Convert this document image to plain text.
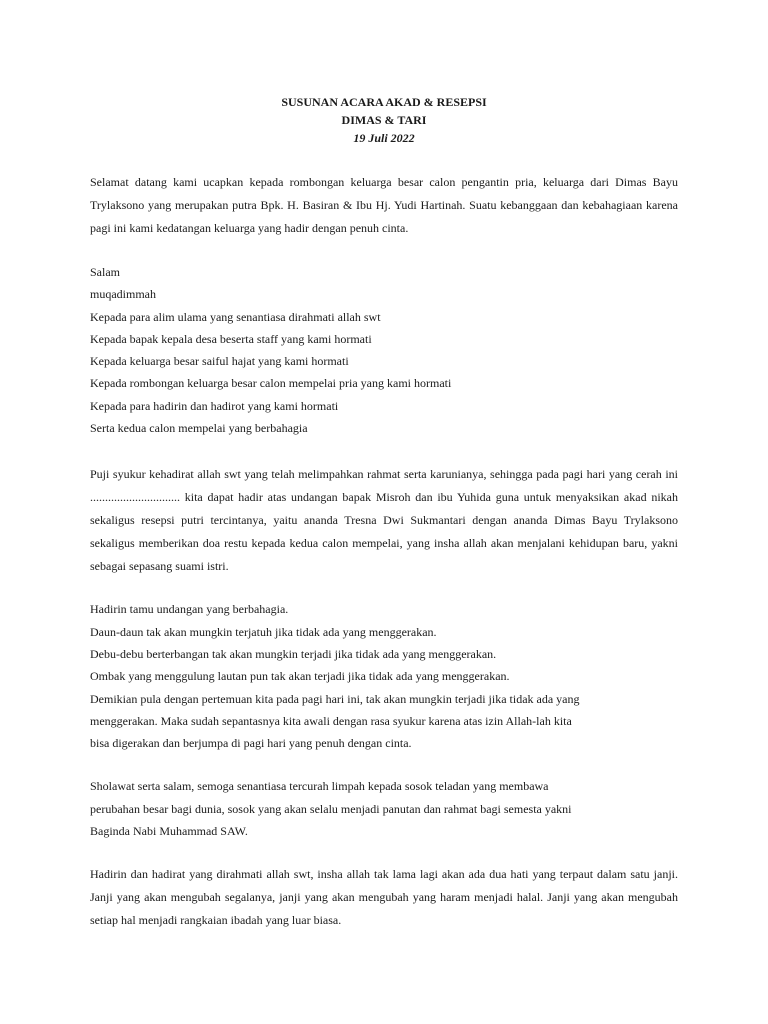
SUSUNAN ACARA AKAD & RESEPSI
DIMAS & TARI
19 Juli 2022

Selamat datang kami ucapkan kepada rombongan keluarga besar calon pengantin pria, keluarga dari Dimas Bayu Trylaksono yang merupakan putra Bpk. H. Basiran & Ibu Hj. Yudi Hartinah. Suatu kebanggaan dan kebahagiaan karena pagi ini kami kedatangan keluarga yang hadir dengan penuh cinta.

Salam
muqadimmah
Kepada para alim ulama yang senantiasa dirahmati allah swt
Kepada bapak kepala desa beserta staff yang kami hormati
Kepada keluarga besar saiful hajat yang kami hormati
Kepada rombongan keluarga besar calon mempelai pria yang kami hormati
Kepada para hadirin dan hadirot yang kami hormati
Serta kedua calon mempelai yang berbahagia

Puji syukur kehadirat allah swt yang telah melimpahkan rahmat serta karunianya, sehingga pada pagi hari yang cerah ini .............................. kita dapat hadir atas undangan bapak Misroh dan ibu Yuhida guna untuk menyaksikan akad nikah sekaligus resepsi putri tercintanya, yaitu ananda Tresna Dwi Sukmantari dengan ananda Dimas Bayu Trylaksono sekaligus memberikan doa restu kepada kedua calon mempelai, yang insha allah akan menjalani kehidupan baru, yakni sebagai sepasang suami istri.

Hadirin tamu undangan yang berbahagia.
Daun-daun tak akan mungkin terjatuh jika tidak ada yang menggerakan.
Debu-debu berterbangan tak akan mungkin terjadi jika tidak ada yang menggerakan.
Ombak yang menggulung lautan pun tak akan terjadi jika tidak ada yang menggerakan.
Demikian pula dengan pertemuan kita pada pagi hari ini, tak akan mungkin terjadi jika tidak ada yang
menggerakan. Maka sudah sepantasnya kita awali dengan rasa syukur karena atas izin Allah-lah kita
bisa digerakan dan berjumpa di pagi hari yang penuh dengan cinta.
Sholawat serta salam, semoga senantiasa tercurah limpah kepada sosok teladan yang membawa
perubahan besar bagi dunia, sosok yang akan selalu menjadi panutan dan rahmat bagi semesta yakni
Baginda Nabi Muhammad SAW.

Hadirin dan hadirat yang dirahmati allah swt, insha allah tak lama lagi akan ada dua hati yang terpaut dalam satu janji. Janji yang akan mengubah segalanya, janji yang akan mengubah yang haram menjadi halal. Janji yang akan mengubah setiap hal menjadi rangkaian ibadah yang luar biasa.
